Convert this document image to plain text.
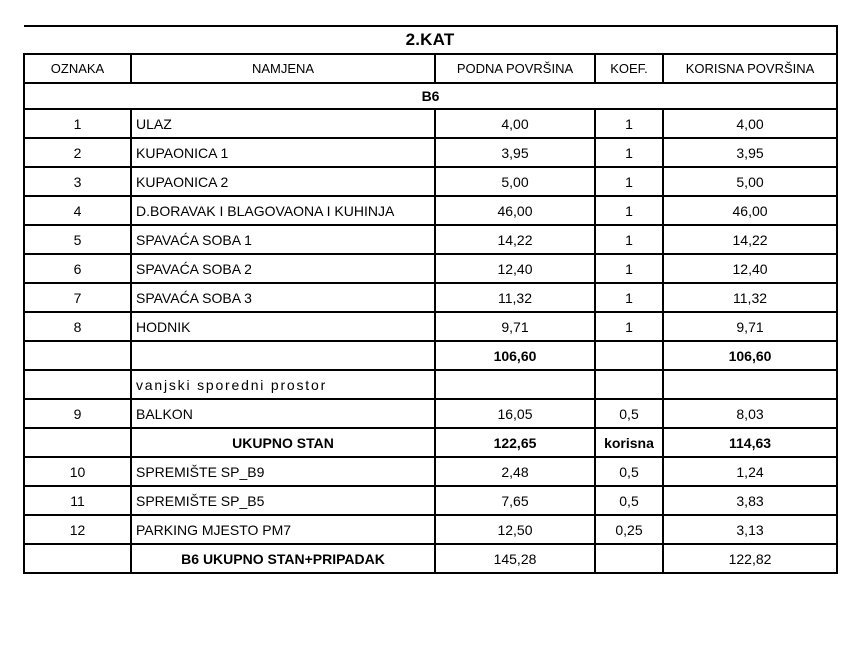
2.KAT				
OZNAKA	NAMJENA	PODNA POVRŠINA	KOEF.	KORISNA POVRŠINA
B6				
1	ULAZ	4,00	1	4,00
2	KUPAONICA 1	3,95	1	3,95
3	KUPAONICA 2	5,00	1	5,00
4	D.BORAVAK I BLAGOVAONA I KUHINJA	46,00	1	46,00
5	SPAVAĆA SOBA 1	14,22	1	14,22
6	SPAVAĆA SOBA 2	12,40	1	12,40
7	SPAVAĆA SOBA 3	11,32	1	11,32
8	HODNIK	9,71	1	9,71
		106,60		106,60
	vanjski sporedni prostor			
9	BALKON	16,05	0,5	8,03
	UKUPNO STAN	122,65	korisna	114,63
10	SPREMIŠTE SP_B9	2,48	0,5	1,24
11	SPREMIŠTE SP_B5	7,65	0,5	3,83
12	PARKING MJESTO PM7	12,50	0,25	3,13
	B6 UKUPNO STAN+PRIPADAK	145,28		122,82
